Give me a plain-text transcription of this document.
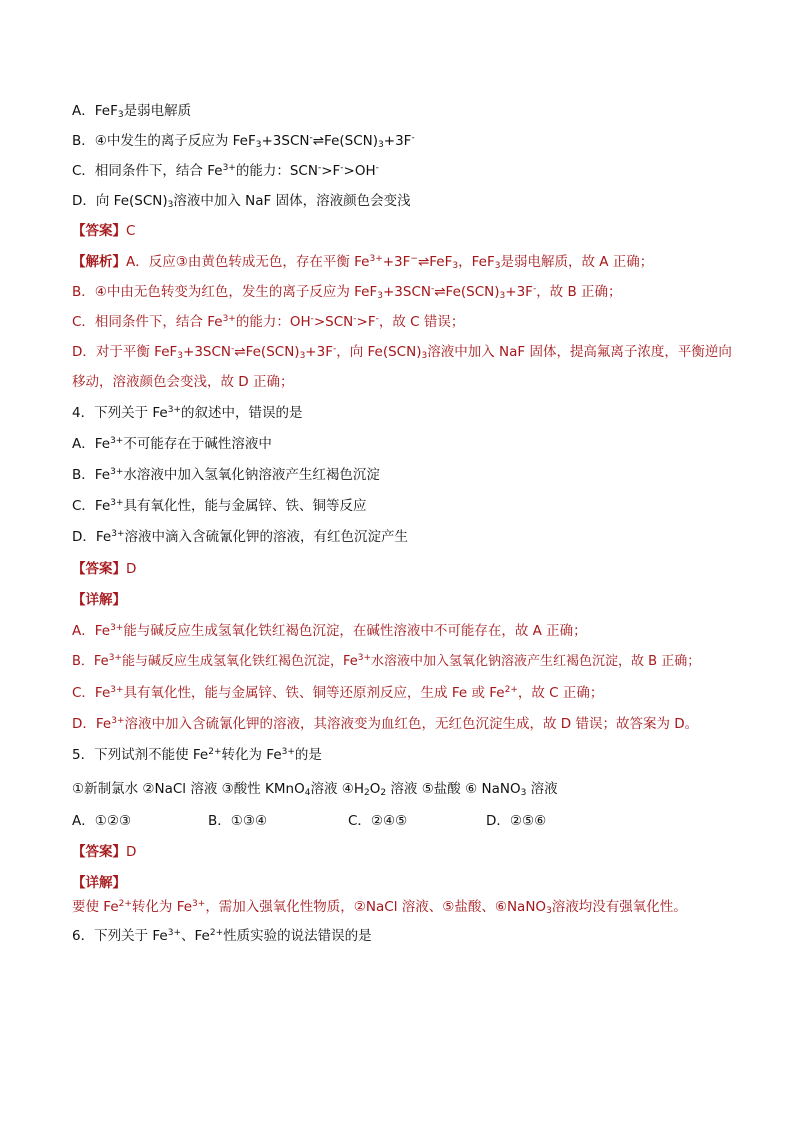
A．FeF$_3$是弱电解质
B．④中发生的离子反应为 $FeF_3+3SCN^-\rightleftharpoons Fe(SCN)_3+3F^-$
C．相同条件下，结合 $Fe^{3+}$的能力：SCN->F->OH-
D．向 $Fe(SCN)_3$溶液中加入 NaF 固体，溶液颜色会变浅
【答案】C
【解析】A．反应③由黄色转成无色，存在平衡 $Fe^{3+}+3F^-\rightleftharpoons FeF_3$，FeF$_3$是弱电解质，故 A 正确；
B．④中由无色转变为红色，发生的离子反应为 $FeF_3+3SCN^-\rightleftharpoons Fe(SCN)_3+3F^-$，故 B 正确；
C．相同条件下，结合 $Fe^{3+}$的能力：OH->SCN->F-，故 C 错误；
D．对于平衡 $FeF_3+3SCN^-\rightleftharpoons Fe(SCN)_3+3F^-$，向 $Fe(SCN)_3$溶液中加入 NaF 固体，提高氟离子浓度，平衡逆向
移动，溶液颜色会变浅，故 D 正确；
4．下列关于 $Fe^{3+}$的叙述中，错误的是
A．$Fe^{3+}$不可能存在于碱性溶液中
B．$Fe^{3+}$水溶液中加入氢氧化钠溶液产生红褐色沉淀
C．$Fe^{3+}$具有氧化性，能与金属锌、铁、铜等反应
D．$Fe^{3+}$溶液中滴入含硫氰化钾的溶液，有红色沉淀产生
【答案】D
【详解】
A．$Fe^{3+}$能与碱反应生成氢氧化铁红褐色沉淀，在碱性溶液中不可能存在，故 A 正确；
B．$Fe^{3+}$能与碱反应生成氢氧化铁红褐色沉淀，$Fe^{3+}$水溶液中加入氢氧化钠溶液产生红褐色沉淀，故 B 正确；
C．$Fe^{3+}$具有氧化性，能与金属锌、铁、铜等还原剂反应，生成 Fe 或 $Fe^{2+}$，故 C 正确；
D．$Fe^{3+}$溶液中加入含硫氰化钾的溶液，其溶液变为血红色，无红色沉淀生成，故 D 错误；故答案为 D。
5．下列试剂不能使 $Fe^{2+}$转化为 $Fe^{3+}$的是
①新制氯水 ②NaCl 溶液 ③酸性 KMnO$_4$溶液 $④H_2O_2$ 溶液 ⑤盐酸 ⑥ NaNO$_3$ 溶液
A．①②③	B．①③④	C．②④⑤	D．②⑤⑥
【答案】D
【详解】
要使 $Fe^{2+}$转化为 $Fe^{3+}$，需加入强氧化性物质，②NaCl 溶液、⑤盐酸、⑥NaNO$_3$溶液均没有强氧化性。
6．下列关于 $Fe^{3+}$、$Fe^{2+}$性质实验的说法错误的是
